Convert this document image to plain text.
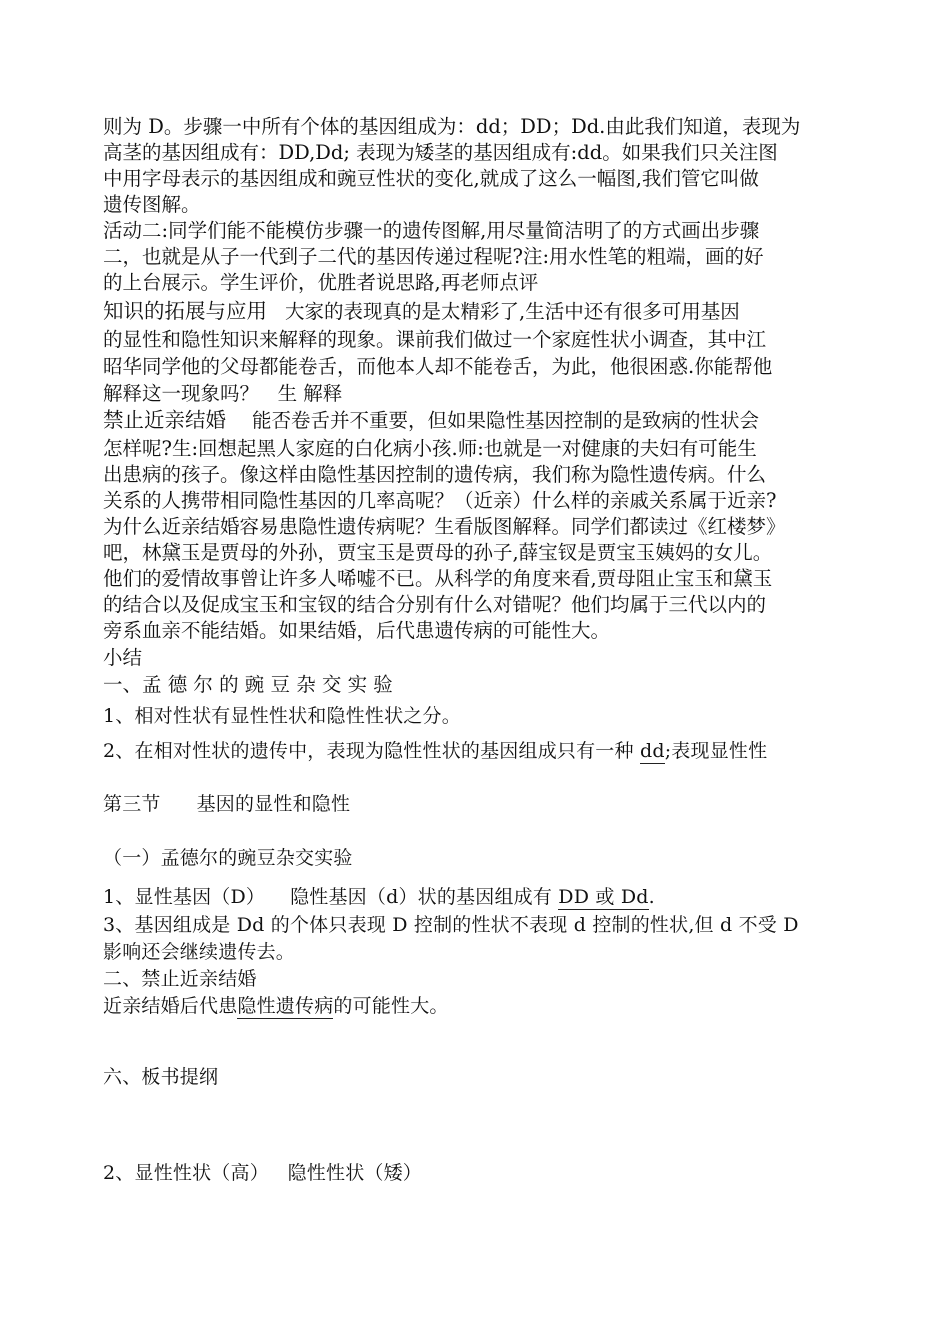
则为 D。步骤一中所有个体的基因组成为：dd；DD；Dd.由此我们知道，表现为
高茎的基因组成有：DD,Dd; 表现为矮茎的基因组成有:dd。如果我们只关注图
中用字母表示的基因组成和豌豆性状的变化,就成了这么一幅图,我们管它叫做
遗传图解。
活动二:同学们能不能模仿步骤一的遗传图解,用尽量简洁明了的方式画出步骤
二，也就是从子一代到子二代的基因传递过程呢?注:用水性笔的粗端，画的好
的上台展示。学生评价，优胜者说思路,再老师点评
知识的拓展与应用 大家的表现真的是太精彩了,生活中还有很多可用基因
的显性和隐性知识来解释的现象。课前我们做过一个家庭性状小调查，其中江
昭华同学他的父母都能卷舌，而他本人却不能卷舌，为此，他很困惑.你能帮他
解释这一现象吗？   生 解释
禁止近亲结婚 能否卷舌并不重要，但如果隐性基因控制的是致病的性状会
怎样呢?生:回想起黑人家庭的白化病小孩.师:也就是一对健康的夫妇有可能生
出患病的孩子。像这样由隐性基因控制的遗传病，我们称为隐性遗传病。什么
关系的人携带相同隐性基因的几率高呢？（近亲）什么样的亲戚关系属于近亲?
为什么近亲结婚容易患隐性遗传病呢？生看版图解释。同学们都读过《红楼梦》
吧，林黛玉是贾母的外孙，贾宝玉是贾母的孙子,薛宝钗是贾宝玉姨妈的女儿。
他们的爱情故事曾让许多人唏嘘不已。从科学的角度来看,贾母阻止宝玉和黛玉
的结合以及促成宝玉和宝钗的结合分别有什么对错呢？他们均属于三代以内的
旁系血亲不能结婚。如果结婚，后代患遗传病的可能性大。
小结
一、孟 德 尔 的 豌 豆 杂 交 实 验
1、相对性状有显性性状和隐性性状之分。
2、在相对性状的遗传中，表现为隐性性状的基因组成只有一种 dd;表现显性性
第三节 基因的显性和隐性
（一）孟德尔的豌豆杂交实验
1、显性基因（D）    隐性基因（d）状的基因组成有 DD 或 Dd.
3、基因组成是 Dd 的个体只表现 D 控制的性状不表现 d 控制的性状,但 d 不受 D
影响还会继续遗传去。
二、禁止近亲结婚
近亲结婚后代患隐性遗传病的可能性大。
六、板书提纲
2、显性性状（高）   隐性性状（矮）
